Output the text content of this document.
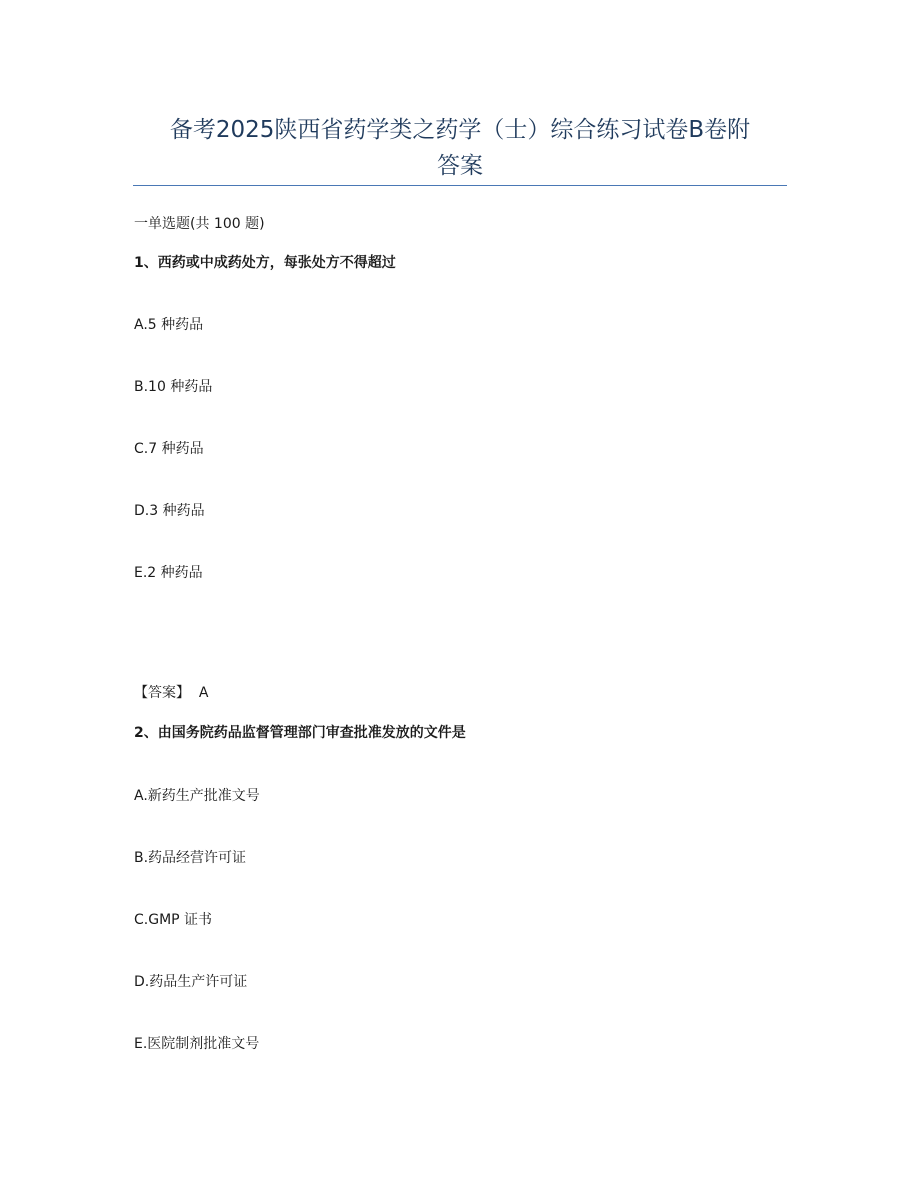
备考2025陕西省药学类之药学（士）综合练习试卷B卷附
答案
一单选题(共 100 题)
1、西药或中成药处方，每张处方不得超过
A.5 种药品
B.10 种药品
C.7 种药品
D.3 种药品
E.2 种药品
【答案】  A
2、由国务院药品监督管理部门审查批准发放的文件是
A.新药生产批准文号
B.药品经营许可证
C.GMP 证书
D.药品生产许可证
E.医院制剂批准文号
